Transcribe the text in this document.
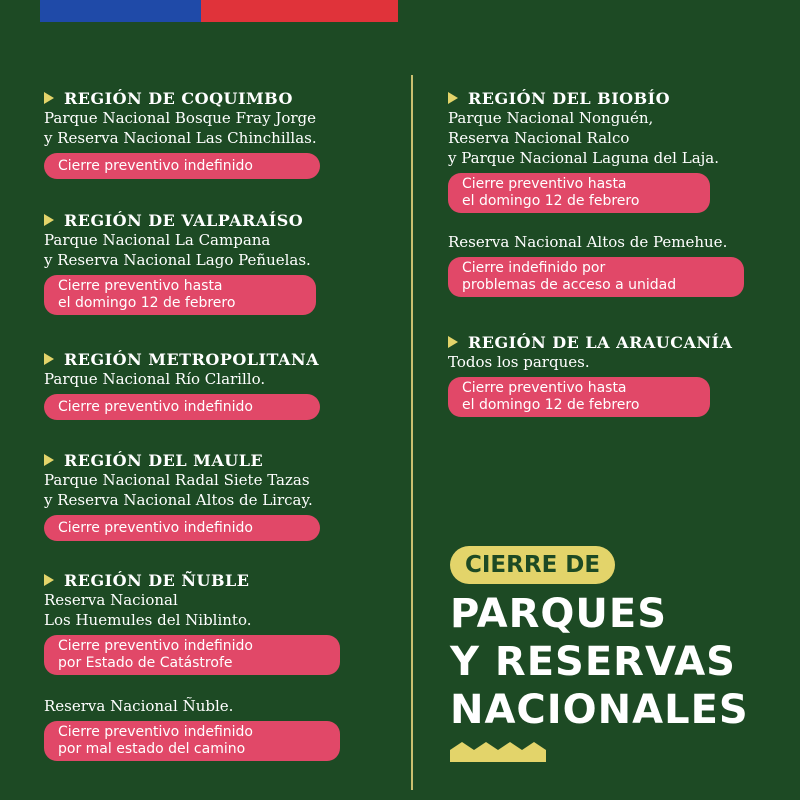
REGIÓN DE COQUIMBO
Parque Nacional Bosque Fray Jorge
y Reserva Nacional Las Chinchillas.
Cierre preventivo indefinido
REGIÓN DE VALPARAÍSO
Parque Nacional La Campana
y Reserva Nacional Lago Peñuelas.
Cierre preventivo hasta
el domingo 12 de febrero
REGIÓN METROPOLITANA
Parque Nacional Río Clarillo.
Cierre preventivo indefinido
REGIÓN DEL MAULE
Parque Nacional Radal Siete Tazas
y Reserva Nacional Altos de Lircay.
Cierre preventivo indefinido
REGIÓN DE ÑUBLE
Reserva Nacional
Los Huemules del Niblinto.
Cierre preventivo indefinido
por Estado de Catástrofe
Reserva Nacional Ñuble.
Cierre preventivo indefinido
por mal estado del camino
REGIÓN DEL BIOBÍO
Parque Nacional Nonguén,
Reserva Nacional Ralco
y Parque Nacional Laguna del Laja.
Cierre preventivo hasta
el domingo 12 de febrero
Reserva Nacional Altos de Pemehue.
Cierre indefinido por
problemas de acceso a unidad
REGIÓN DE LA ARAUCANÍA
Todos los parques.
Cierre preventivo hasta
el domingo 12 de febrero
CIERRE DE
PARQUES
Y RESERVAS
NACIONALES
